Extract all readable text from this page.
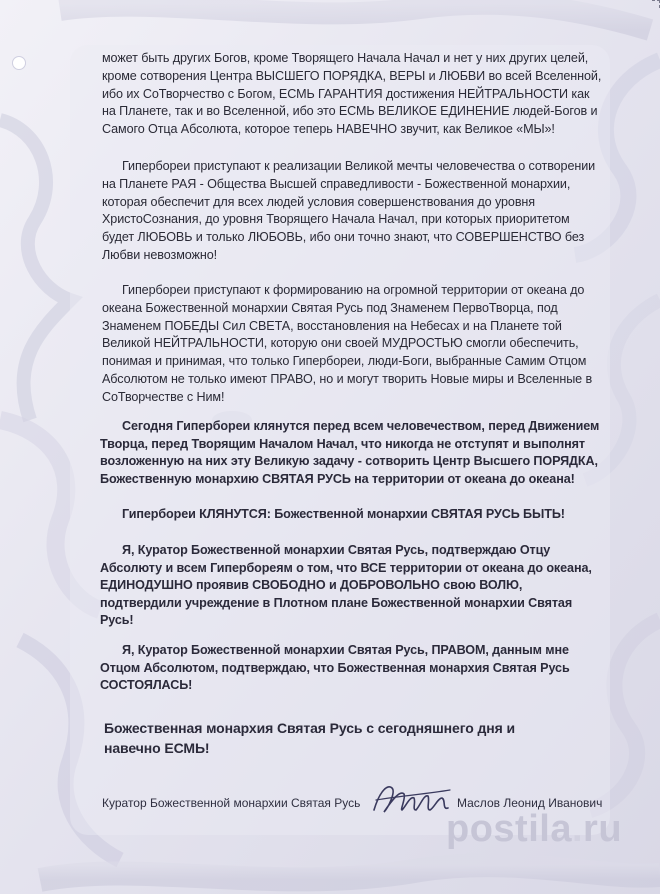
может быть других Богов, кроме Творящего Начала Начал и нет у них других целей,
кроме сотворения Центра ВЫСШЕГО ПОРЯДКА, ВЕРЫ и ЛЮБВИ во всей Вселенной,
ибо их СоТворчество с Богом, ЕСМЬ ГАРАНТИЯ достижения НЕЙТРАЛЬНОСТИ как
на Планете, так и во Вселенной, ибо это ЕСМЬ ВЕЛИКОЕ ЕДИНЕНИЕ людей-Богов и
Самого Отца Абсолюта, которое теперь НАВЕЧНО звучит, как Великое «МЫ»!
Гипербореи приступают к реализации Великой мечты человечества о сотворении
на Планете РАЯ - Общества Высшей справедливости - Божественной монархии,
которая обеспечит для всех людей условия совершенствования до уровня
ХристоСознания, до уровня Творящего Начала Начал, при которых приоритетом
будет ЛЮБОВЬ и только ЛЮБОВЬ, ибо они точно знают, что СОВЕРШЕНСТВО без
Любви невозможно!
Гипербореи приступают к формированию на огромной территории от океана до
океана Божественной монархии Святая Русь под Знаменем ПервоТворца, под
Знаменем ПОБЕДЫ Сил СВЕТА, восстановления на Небесах и на Планете той
Великой НЕЙТРАЛЬНОСТИ, которую они своей МУДРОСТЬЮ смогли обеспечить,
понимая и принимая, что только Гипербореи, люди-Боги, выбранные Самим Отцом
Абсолютом не только имеют ПРАВО, но и могут творить Новые миры и Вселенные в
СоТворчестве с Ним!
Сегодня Гипербореи клянутся перед всем человечеством, перед Движением
Творца, перед Творящим Началом Начал, что никогда не отступят и выполнят
возложенную на них эту Великую задачу - сотворить Центр Высшего ПОРЯДКА,
Божественную монархию СВЯТАЯ РУСЬ на территории от океана до океана!
Гипербореи КЛЯНУТСЯ: Божественной монархии СВЯТАЯ РУСЬ БЫТЬ!
Я, Куратор Божественной монархии Святая Русь, подтверждаю Отцу
Абсолюту и всем Гипербореям о том, что ВСЕ территории от океана до океана,
ЕДИНОДУШНО проявив СВОБОДНО и ДОБРОВОЛЬНО свою ВОЛЮ,
подтвердили учреждение в Плотном плане Божественной монархии Святая
Русь!
Я, Куратор Божественной монархии Святая Русь, ПРАВОМ, данным мне
Отцом Абсолютом, подтверждаю, что Божественная монархия Святая Русь
СОСТОЯЛАСЬ!
Божественная монархия Святая Русь с сегодняшнего дня и
навечно ЕСМЬ!
Куратор Божественной монархии Святая Русь	Маслов Леонид Иванович
postila.ru
